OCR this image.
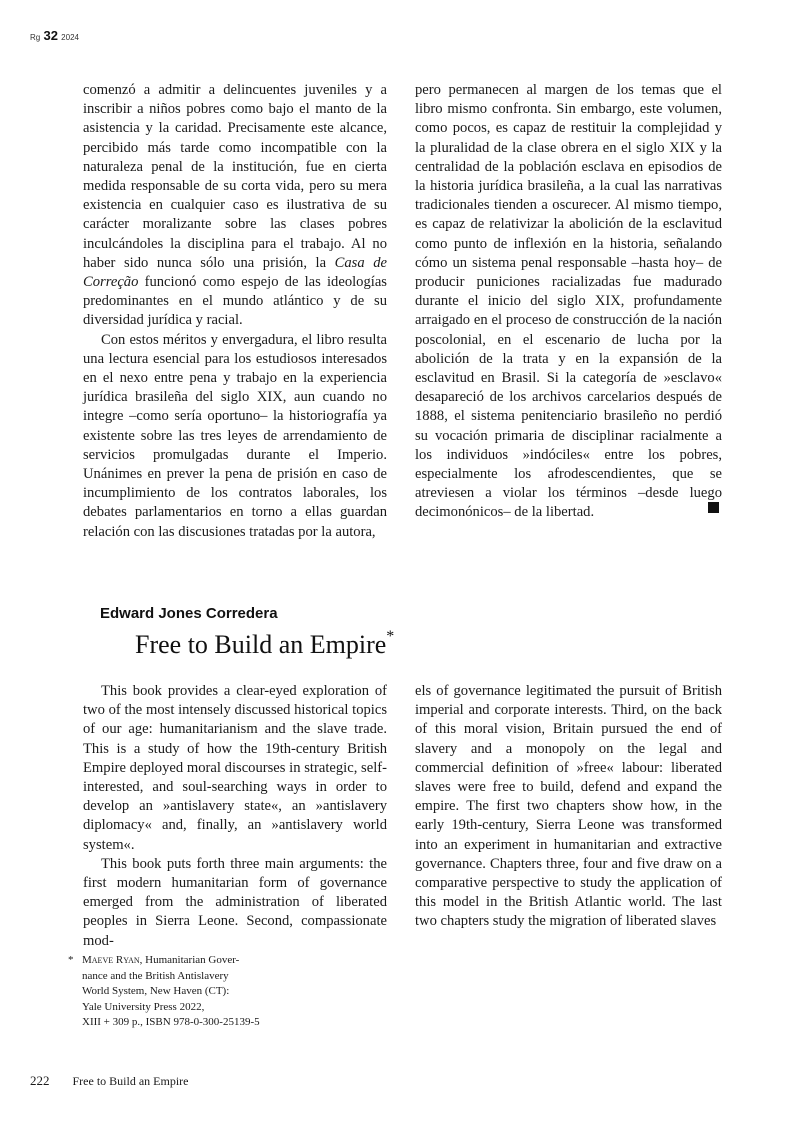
Rg 32 2024

comenzó a admitir a delincuentes juveniles y a inscribir a niños pobres como bajo el manto de la asistencia y la caridad. Precisamente este alcance, percibido más tarde como incompatible con la naturaleza penal de la institución, fue en cierta medida responsable de su corta vida, pero su mera existencia en cualquier caso es ilustrativa de su carácter moralizante sobre las clases pobres inculcándoles la disciplina para el trabajo. Al no haber sido nunca sólo una prisión, la Casa de Correção funcionó como espejo de las ideologías predominantes en el mundo atlántico y de su diversidad jurídica y racial.

Con estos méritos y envergadura, el libro resulta una lectura esencial para los estudiosos interesados en el nexo entre pena y trabajo en la experiencia jurídica brasileña del siglo XIX, aun cuando no integre –como sería oportuno– la historiografía ya existente sobre las tres leyes de arrendamiento de servicios promulgadas durante el Imperio. Unánimes en prever la pena de prisión en caso de incumplimiento de los contratos laborales, los debates parlamentarios en torno a ellas guardan relación con las discusiones tratadas por la autora,

pero permanecen al margen de los temas que el libro mismo confronta. Sin embargo, este volumen, como pocos, es capaz de restituir la complejidad y la pluralidad de la clase obrera en el siglo XIX y la centralidad de la población esclava en episodios de la historia jurídica brasileña, a la cual las narrativas tradicionales tienden a oscurecer. Al mismo tiempo, es capaz de relativizar la abolición de la esclavitud como punto de inflexión en la historia, señalando cómo un sistema penal responsable –hasta hoy– de producir puniciones racializadas fue madurado durante el inicio del siglo XIX, profundamente arraigado en el proceso de construcción de la nación poscolonial, en el escenario de lucha por la abolición de la trata y en la expansión de la esclavitud en Brasil. Si la categoría de »esclavo« desapareció de los archivos carcelarios después de 1888, el sistema penitenciario brasileño no perdió su vocación primaria de disciplinar racialmente a los individuos »indóciles« entre los pobres, especialmente los afrodescendientes, que se atreviesen a violar los términos –desde luego decimonónicos– de la libertad.

Edward Jones Corredera
Free to Build an Empire*

This book provides a clear-eyed exploration of two of the most intensely discussed historical topics of our age: humanitarianism and the slave trade. This is a study of how the 19th-century British Empire deployed moral discourses in strategic, self-interested, and soul-searching ways in order to develop an »antislavery state«, an »antislavery diplomacy« and, finally, an »antislavery world system«.

This book puts forth three main arguments: the first modern humanitarian form of governance emerged from the administration of liberated peoples in Sierra Leone. Second, compassionate mod-

els of governance legitimated the pursuit of British imperial and corporate interests. Third, on the back of this moral vision, Britain pursued the end of slavery and a monopoly on the legal and commercial definition of »free« labour: liberated slaves were free to build, defend and expand the empire. The first two chapters show how, in the early 19th-century, Sierra Leone was transformed into an experiment in humanitarian and extractive governance. Chapters three, four and five draw on a comparative perspective to study the application of this model in the British Atlantic world. The last two chapters study the migration of liberated slaves

* Maeve Ryan, Humanitarian Gover-
nance and the British Antislavery
World System, New Haven (CT):
Yale University Press 2022,
XIII + 309 p., ISBN 978-0-300-25139-5
222 Free to Build an Empire
